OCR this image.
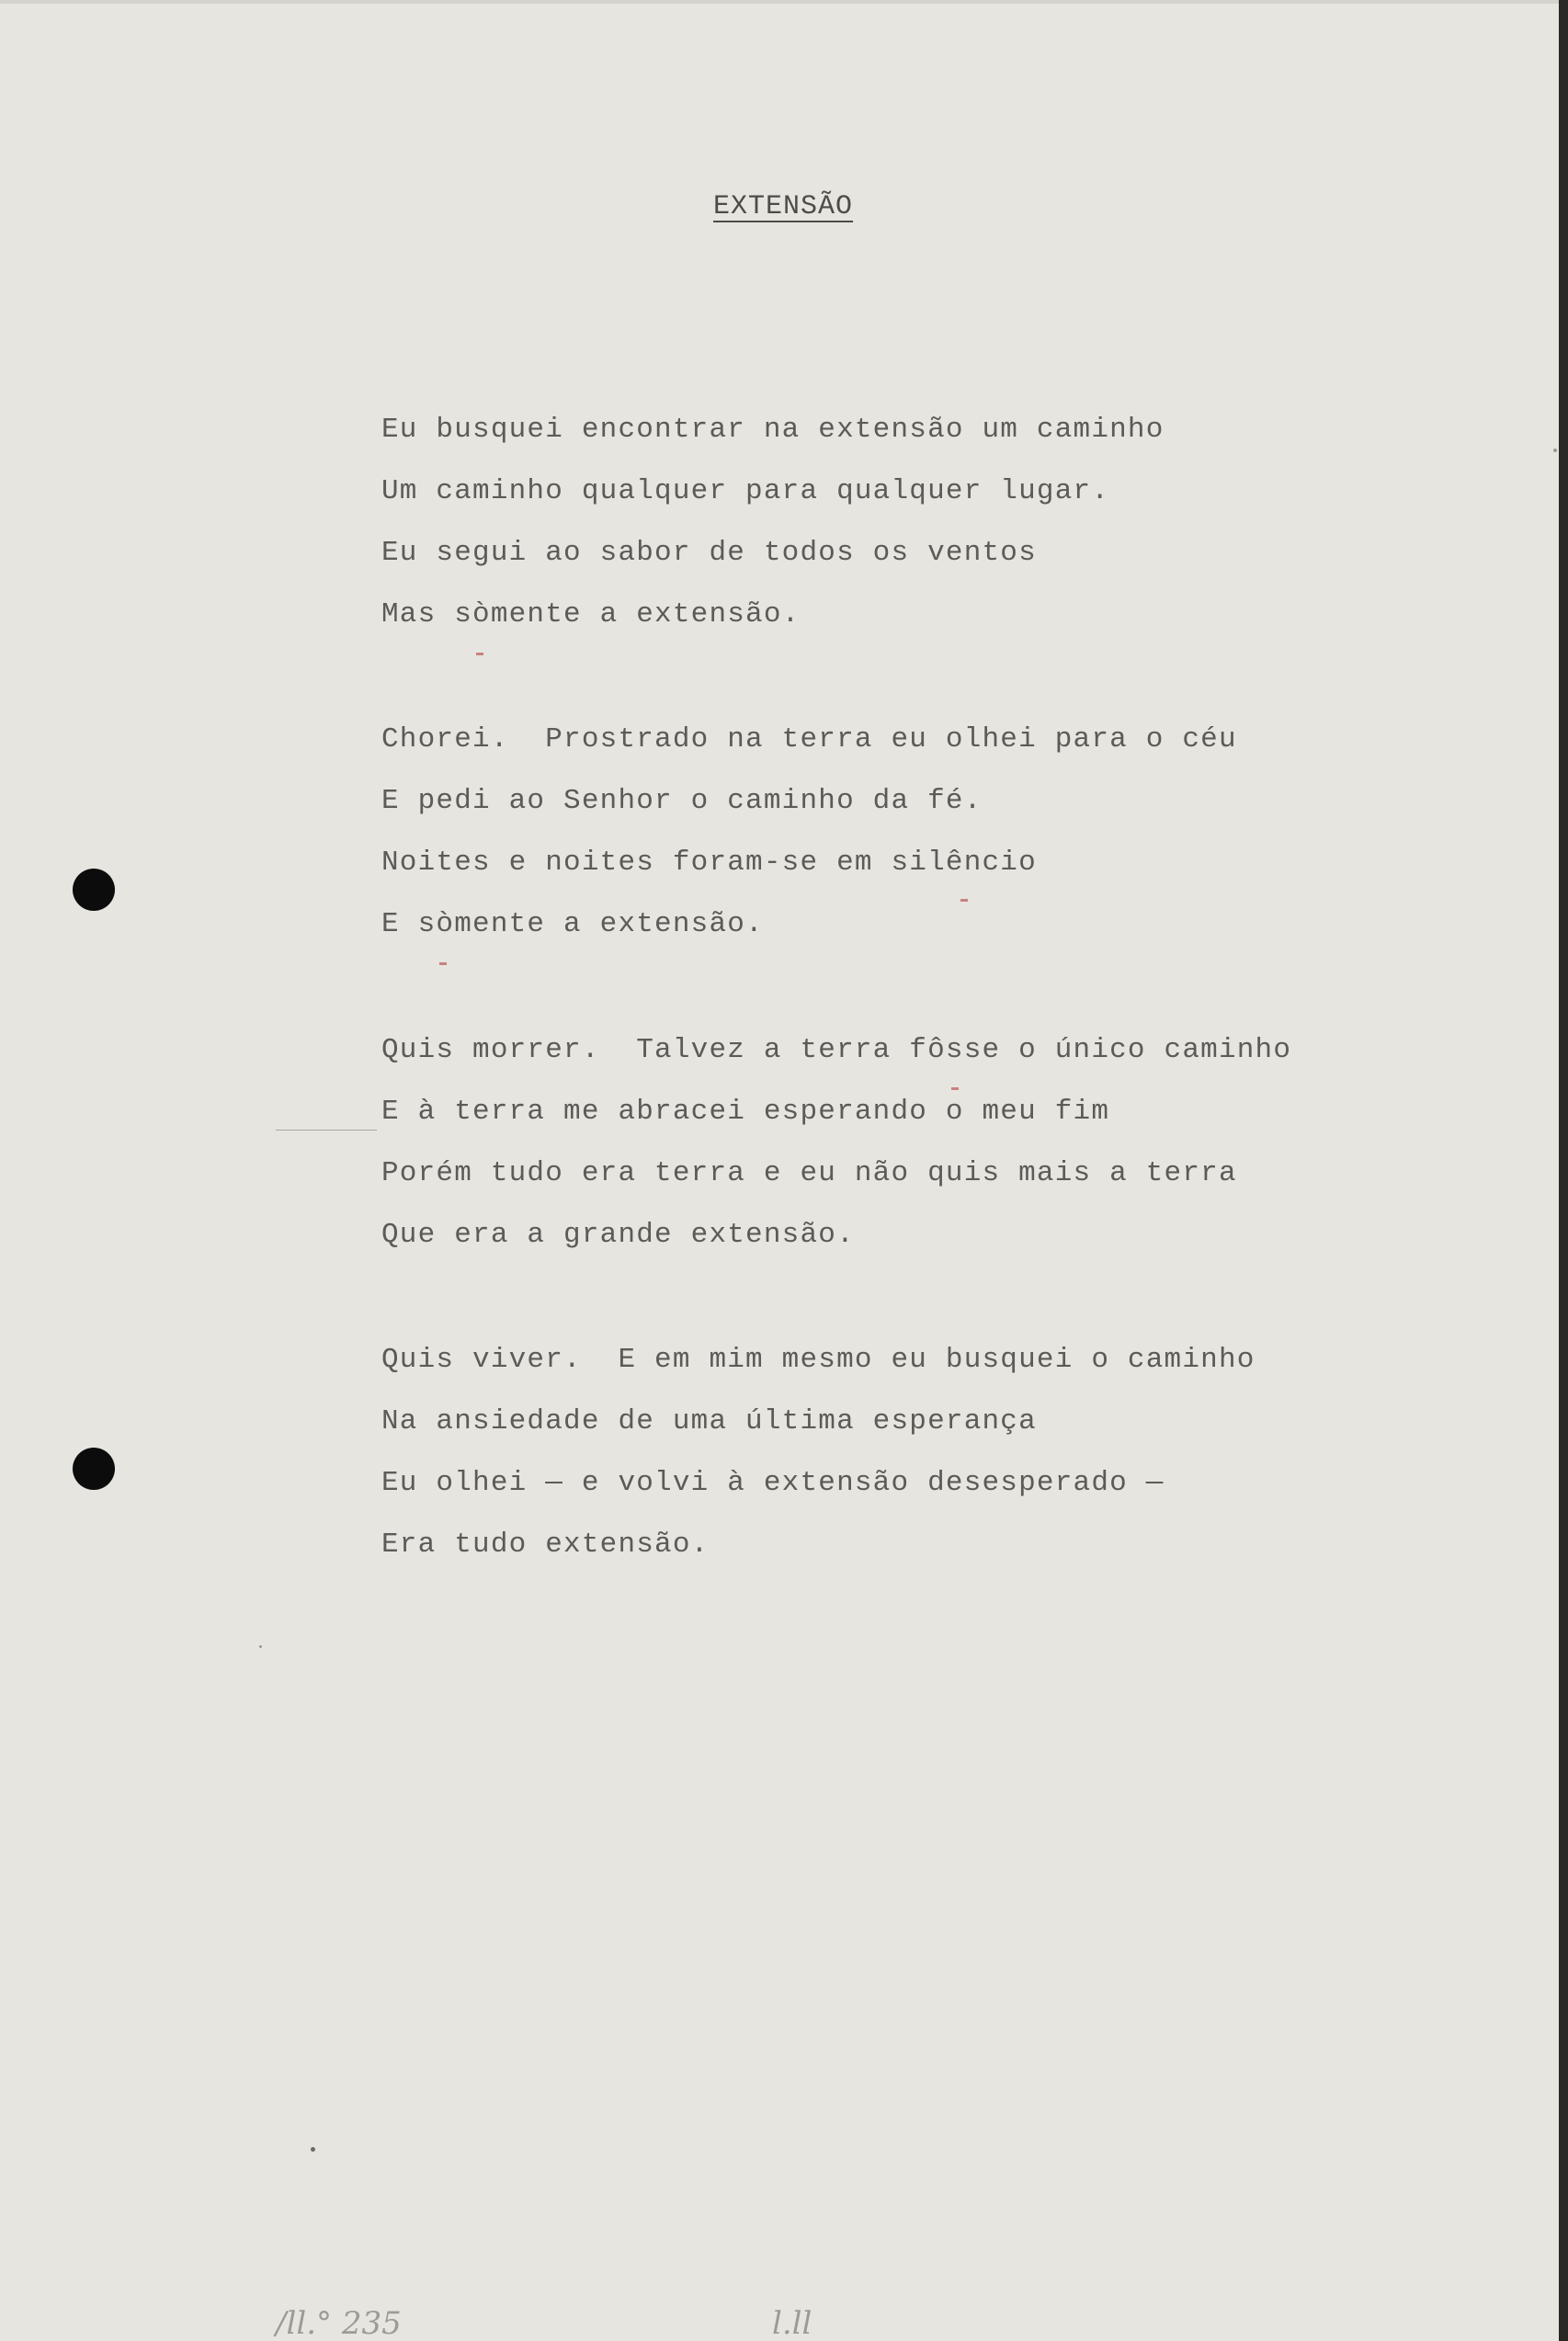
EXTENSÃO
Eu busquei encontrar na extensão um caminho
Um caminho qualquer para qualquer lugar.
Eu segui ao sabor de todos os ventos
Mas sòmente a extensão.
Chorei.  Prostrado na terra eu olhei para o céu
E pedi ao Senhor o caminho da fé.
Noites e noites foram-se em silêncio
E sòmente a extensão.
Quis morrer.  Talvez a terra fôsse o único caminho
E à terra me abracei esperando o meu fim
Porém tudo era terra e eu não quis mais a terra
Que era a grande extensão.
Quis viver.  E em mim mesmo eu busquei o caminho
Na ansiedade de uma última esperança
Eu olhei — e volvi à extensão desesperado —
Era tudo extensão.
/ll.° 235	l.ll
